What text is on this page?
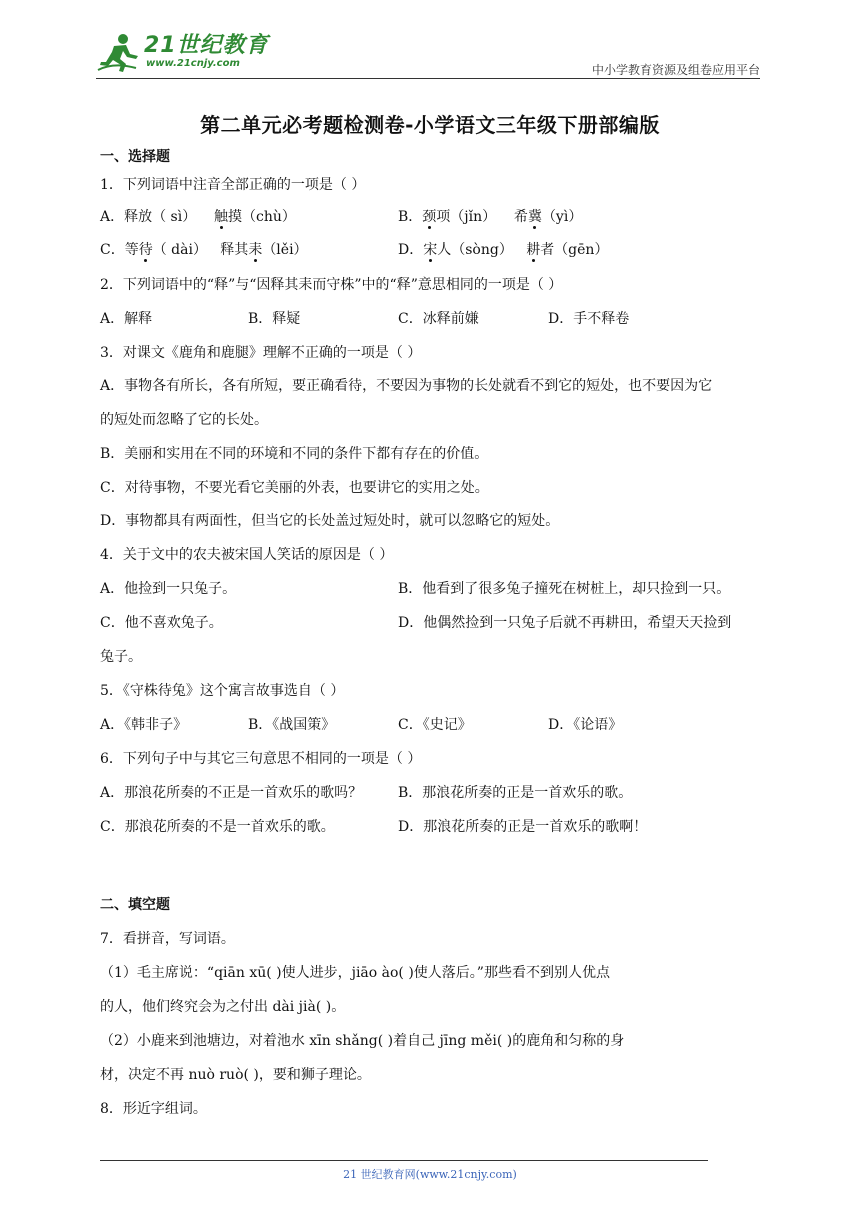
21世纪教育
www.21cnjy.com	中小学教育资源及组卷应用平台
第二单元必考题检测卷-小学语文三年级下册部编版
一、选择题
1．下列词语中注音全部正确的一项是（ ）
A．释放（ sì）    触摸（chù）	B．颈项（jǐn）    希冀（yì）
C．等待（ dài）   释其耒（lěi）	D．宋人（sòng）   耕者（gēn）
2．下列词语中的“释”与“因释其耒而守株”中的“释”意思相同的一项是（ ）
A．解释	B．释疑	C．冰释前嫌	D．手不释卷
3．对课文《鹿角和鹿腿》理解不正确的一项是（ ）
A．事物各有所长，各有所短，要正确看待，不要因为事物的长处就看不到它的短处，也不要因为它
的短处而忽略了它的长处。
B．美丽和实用在不同的环境和不同的条件下都有存在的价值。
C．对待事物，不要光看它美丽的外表，也要讲它的实用之处。
D．事物都具有两面性，但当它的长处盖过短处时，就可以忽略它的短处。
4．关于文中的农夫被宋国人笑话的原因是（ ）
A．他捡到一只兔子。	B．他看到了很多兔子撞死在树桩上，却只捡到一只。
C．他不喜欢兔子。	D．他偶然捡到一只兔子后就不再耕田，希望天天捡到
兔子。
5．《守株待兔》这个寓言故事选自（ ）
A．《韩非子》	B．《战国策》	C．《史记》	D．《论语》
6．下列句子中与其它三句意思不相同的一项是（ ）
A．那浪花所奏的不正是一首欢乐的歌吗？	B．那浪花所奏的正是一首欢乐的歌。
C．那浪花所奏的不是一首欢乐的歌。	D．那浪花所奏的正是一首欢乐的歌啊！
二、填空题
7．看拼音，写词语。
（1）毛主席说：“qiān xū( )使人进步，jiāo ào( )使人落后。”那些看不到别人优点
的人，他们终究会为之付出 dài jià( )。
（2）小鹿来到池塘边，对着池水 xīn shǎng( )着自己 jīng měi( )的鹿角和匀称的身
材，决定不再 nuò ruò( )，要和狮子理论。
8．形近字组词。
21 世纪教育网(www.21cnjy.com)
